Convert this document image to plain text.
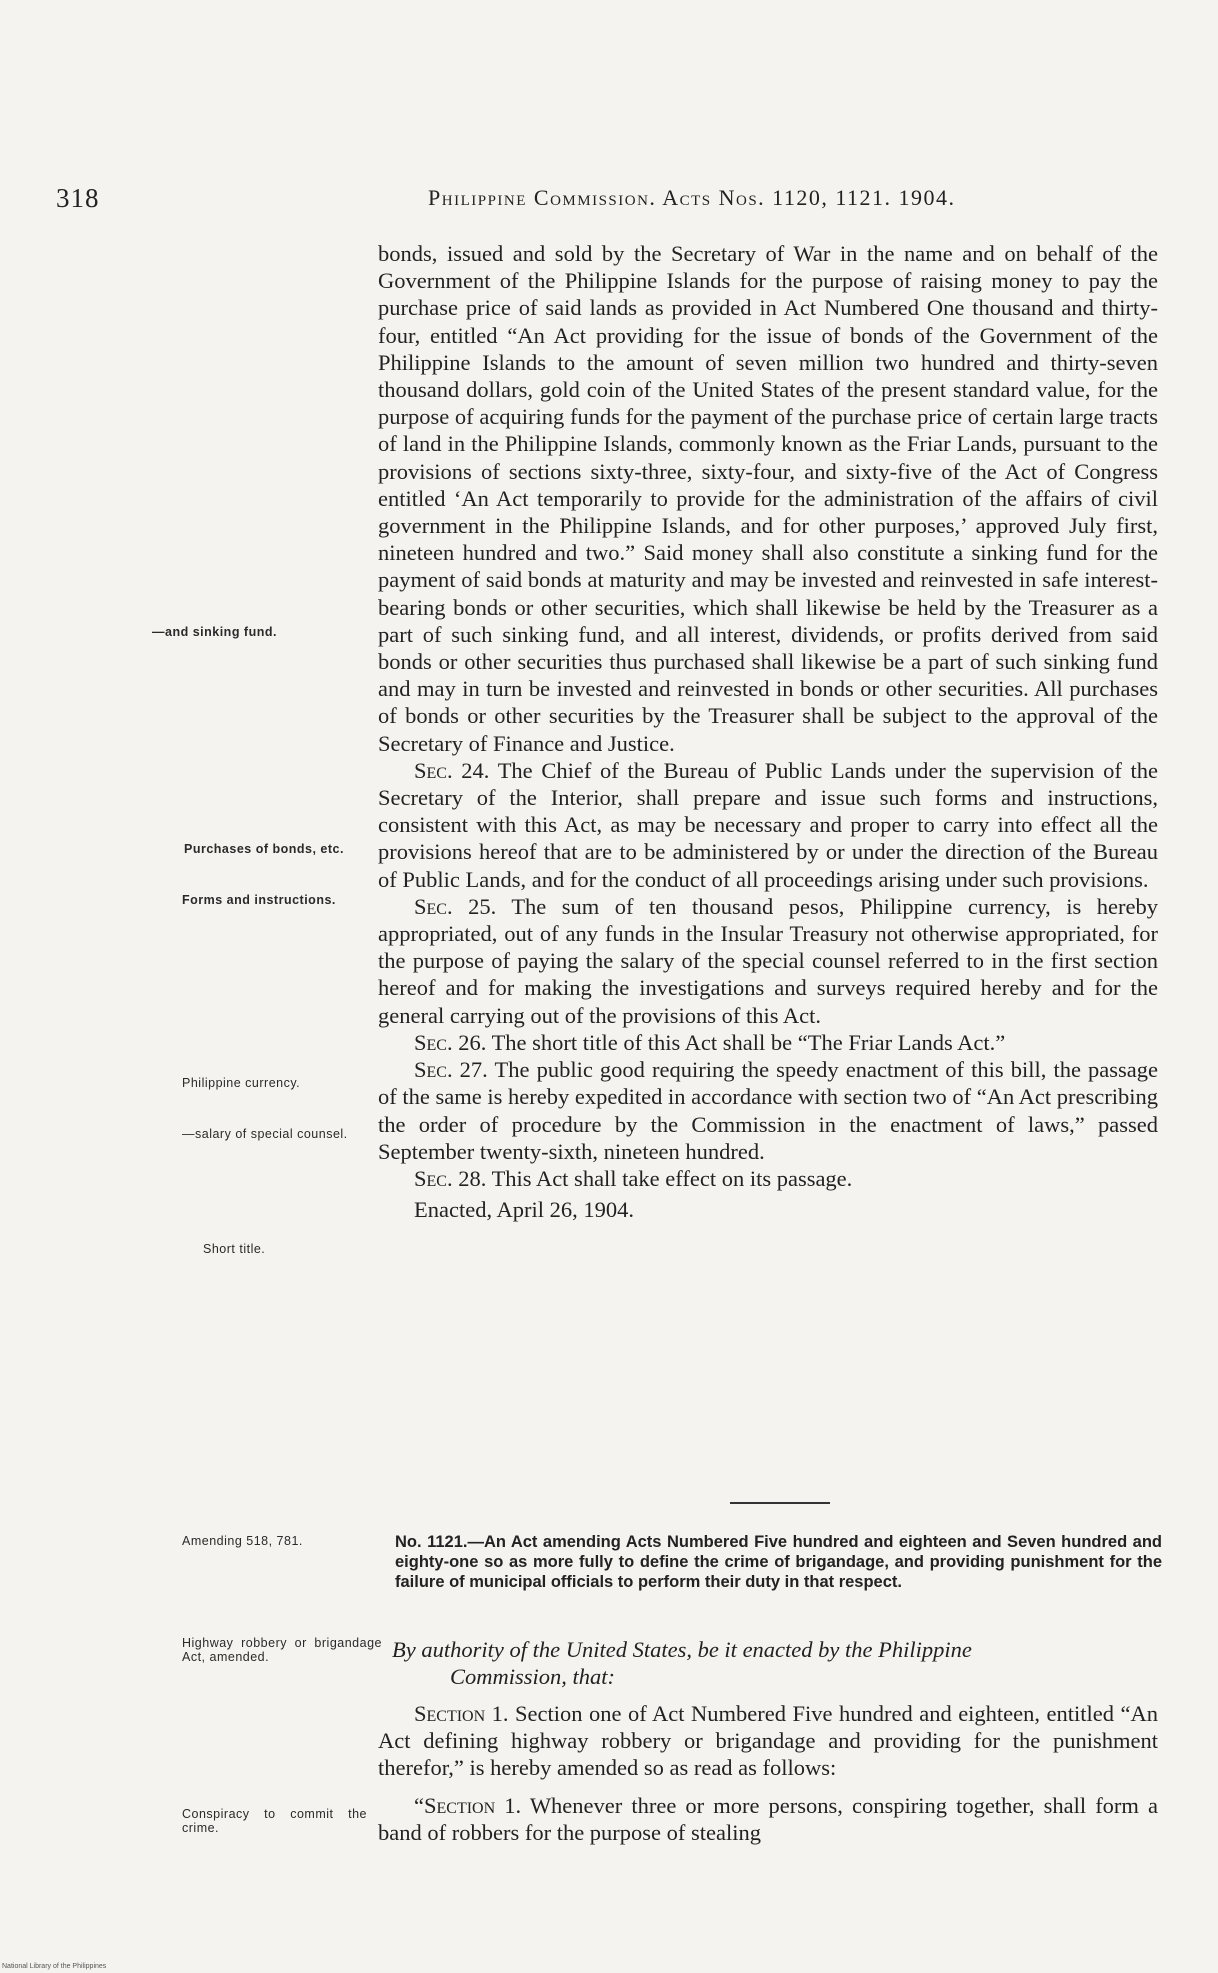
318	Philippine Commission. Acts Nos. 1120, 1121. 1904.
—and sinking fund.
Purchases of bonds, etc.
Forms and instructions.
Philippine currency.
—salary of special counsel.
Short title.
Amending 518, 781.
Highway robbery or brigandage Act, amended.
Conspiracy to commit the crime.

bonds, issued and sold by the Secretary of War in the name and on behalf of the Government of the Philippine Islands for the purpose of raising money to pay the purchase price of said lands as provided in Act Numbered One thousand and thirty-four, entitled “An Act providing for the issue of bonds of the Government of the Philippine Islands to the amount of seven million two hundred and thirty-seven thousand dollars, gold coin of the United States of the present standard value, for the purpose of acquiring funds for the payment of the purchase price of certain large tracts of land in the Philippine Islands, commonly known as the Friar Lands, pursuant to the provisions of sections sixty-three, sixty-four, and sixty-five of the Act of Congress entitled ‘An Act temporarily to provide for the administration of the affairs of civil government in the Philippine Islands, and for other purposes,’ approved July first, nineteen hundred and two.” Said money shall also constitute a sinking fund for the payment of said bonds at maturity and may be invested and reinvested in safe interest-bearing bonds or other securities, which shall likewise be held by the Treasurer as a part of such sinking fund, and all interest, dividends, or profits derived from said bonds or other securities thus purchased shall likewise be a part of such sinking fund and may in turn be invested and reinvested in bonds or other securities. All purchases of bonds or other securities by the Treasurer shall be subject to the approval of the Secretary of Finance and Justice.

Sec. 24. The Chief of the Bureau of Public Lands under the supervision of the Secretary of the Interior, shall prepare and issue such forms and instructions, consistent with this Act, as may be necessary and proper to carry into effect all the provisions hereof that are to be administered by or under the direction of the Bureau of Public Lands, and for the conduct of all proceedings arising under such provisions.

Sec. 25. The sum of ten thousand pesos, Philippine currency, is hereby appropriated, out of any funds in the Insular Treasury not otherwise appropriated, for the purpose of paying the salary of the special counsel referred to in the first section hereof and for making the investigations and surveys required hereby and for the general carrying out of the provisions of this Act.

Sec. 26. The short title of this Act shall be “The Friar Lands Act.”

Sec. 27. The public good requiring the speedy enactment of this bill, the passage of the same is hereby expedited in accordance with section two of “An Act prescribing the order of procedure by the Commission in the enactment of laws,” passed September twenty-sixth, nineteen hundred.

Sec. 28. This Act shall take effect on its passage.

Enacted, April 26, 1904.

No. 1121.—An Act amending Acts Numbered Five hundred and eighteen and Seven hundred and eighty-one so as more fully to define the crime of brigandage, and providing punishment for the failure of municipal officials to perform their duty in that respect.
By authority of the United States, be it enacted by the Philippine
Commission, that:

Section 1. Section one of Act Numbered Five hundred and eighteen, entitled “An Act defining highway robbery or brigandage and providing for the punishment therefor,” is hereby amended so as read as follows:

“Section 1. Whenever three or more persons, conspiring together, shall form a band of robbers for the purpose of stealing

National Library of the Philippines
